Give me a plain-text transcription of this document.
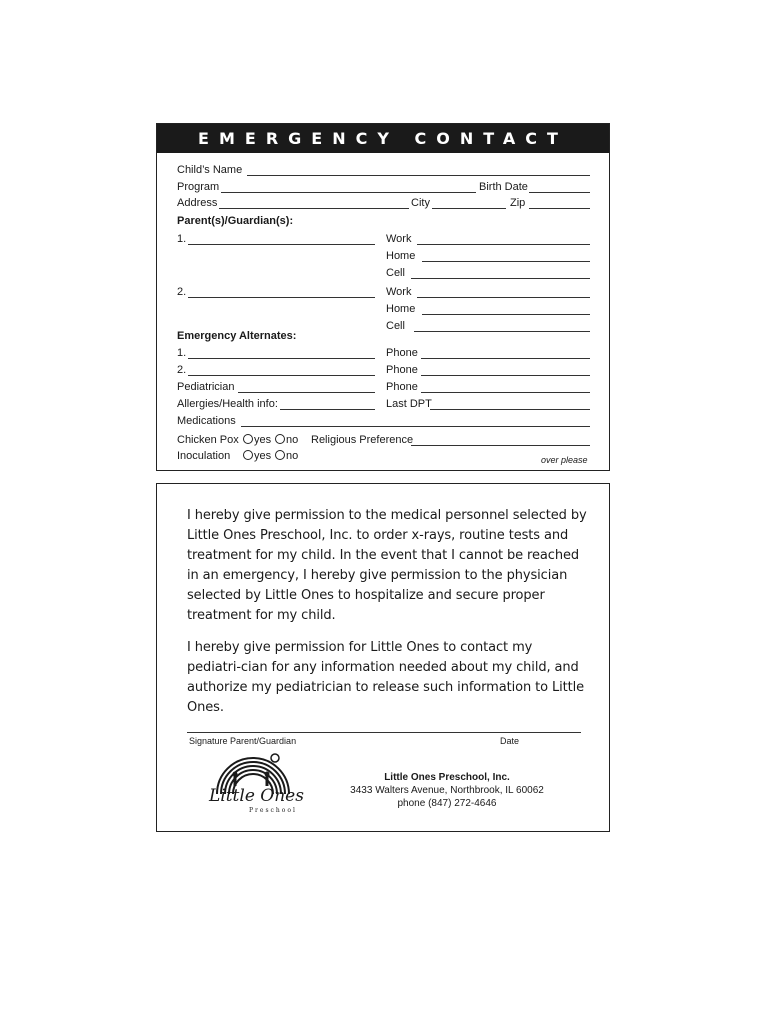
EMERGENCY CONTACT CARD
Child’s Name
Program	Birth Date
Address	City	Zip
Parent(s)/Guardian(s):
1.	Work
Home
Cell
2.	Work
Home
Cell
Emergency Alternates:
1.	Phone
2.	Phone
Pediatrician	Phone
Allergies/Health info:	Last DPT
Medications
Chicken Pox	yes	no Religious Preference
Inoculation	yes	no	over please
I hereby give permission to the medical personnel selected by Little Ones Preschool, Inc. to order x-rays, routine tests and treatment for my child. In the event that I cannot be reached in an emergency, I hereby give permission to the physician selected by Little Ones to hospitalize and secure proper treatment for my child.
I hereby give permission for Little Ones to contact my pediatri-cian for any information needed about my child, and authorize my pediatrician to release such information to Little Ones.
Signature Parent/Guardian	Date
Little Ones
Preschool
Little Ones Preschool, Inc.
3433 Walters Avenue, Northbrook, IL 60062
phone (847) 272-4646
